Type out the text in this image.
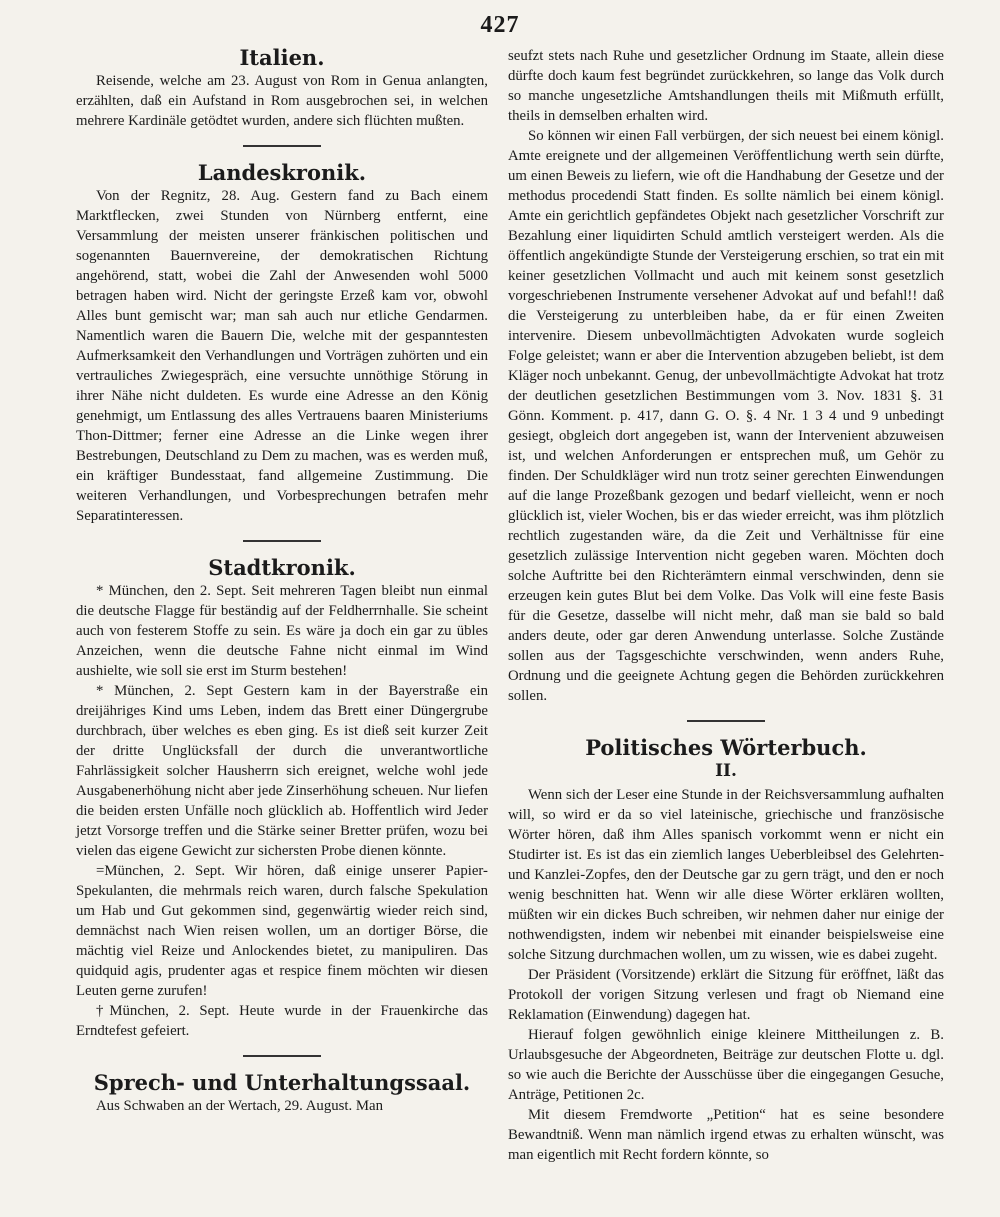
427
Italien.

Reisende, welche am 23. August von Rom in Genua anlangten, erzählten, daß ein Aufstand in Rom ausgebrochen sei, in welchen mehrere Kardinäle getödtet wurden, andere sich flüchten mußten.

Landeskronik.

Von der Regnitz, 28. Aug. Gestern fand zu Bach einem Marktflecken, zwei Stunden von Nürnberg entfernt, eine Versammlung der meisten unserer fränkischen politischen und sogenannten Bauernvereine, der demokratischen Richtung angehörend, statt, wobei die Zahl der Anwesenden wohl 5000 betragen haben wird. Nicht der geringste Erzeß kam vor, obwohl Alles bunt gemischt war; man sah auch nur etliche Gendarmen. Namentlich waren die Bauern Die, welche mit der gespanntesten Aufmerksamkeit den Verhandlungen und Vorträgen zuhörten und ein vertrauliches Zwiegespräch, eine versuchte unnöthige Störung in ihrer Nähe nicht duldeten. Es wurde eine Adresse an den König genehmigt, um Entlassung des alles Vertrauens baaren Ministeriums Thon-Dittmer; ferner eine Adresse an die Linke wegen ihrer Bestrebungen, Deutschland zu Dem zu machen, was es werden muß, ein kräftiger Bundesstaat, fand allgemeine Zustimmung. Die weiteren Verhandlungen, und Vorbesprechungen betrafen mehr Separatinteressen.

Stadtkronik.

* München, den 2. Sept. Seit mehreren Tagen bleibt nun einmal die deutsche Flagge für beständig auf der Feldherrnhalle. Sie scheint auch von festerem Stoffe zu sein. Es wäre ja doch ein gar zu übles Anzeichen, wenn die deutsche Fahne nicht einmal im Wind aushielte, wie soll sie erst im Sturm bestehen!

* München, 2. Sept Gestern kam in der Bayerstraße ein dreijähriges Kind ums Leben, indem das Brett einer Düngergrube durchbrach, über welches es eben ging. Es ist dieß seit kurzer Zeit der dritte Unglücksfall der durch die unverantwortliche Fahrlässigkeit solcher Hausherrn sich ereignet, welche wohl jede Ausgabenerhöhung nicht aber jede Zinserhöhung scheuen. Nur liefen die beiden ersten Unfälle noch glücklich ab. Hoffentlich wird Jeder jetzt Vorsorge treffen und die Stärke seiner Bretter prüfen, wozu bei vielen das eigene Gewicht zur sichersten Probe dienen könnte.

=München, 2. Sept. Wir hören, daß einige unserer Papier-Spekulanten, die mehrmals reich waren, durch falsche Spekulation um Hab und Gut gekommen sind, gegenwärtig wieder reich sind, demnächst nach Wien reisen wollen, um an dortiger Börse, die mächtig viel Reize und Anlockendes bietet, zu manipuliren. Das quidquid agis, prudenter agas et respice finem möchten wir diesen Leuten gerne zurufen!

†München, 2. Sept. Heute wurde in der Frauenkirche das Erndtefest gefeiert.

Sprech- und Unterhaltungssaal.

Aus Schwaben an der Wertach, 29. August. Man

seufzt stets nach Ruhe und gesetzlicher Ordnung im Staate, allein diese dürfte doch kaum fest begründet zurückkehren, so lange das Volk durch so manche ungesetzliche Amtshandlungen theils mit Mißmuth erfüllt, theils in demselben erhalten wird.

So können wir einen Fall verbürgen, der sich neuest bei einem königl. Amte ereignete und der allgemeinen Veröffentlichung werth sein dürfte, um einen Beweis zu liefern, wie oft die Handhabung der Gesetze und der methodus procedendi Statt finden. Es sollte nämlich bei einem königl. Amte ein gerichtlich gepfändetes Objekt nach gesetzlicher Vorschrift zur Bezahlung einer liquidirten Schuld amtlich versteigert werden. Als die öffentlich angekündigte Stunde der Versteigerung erschien, so trat ein mit keiner gesetzlichen Vollmacht und auch mit keinem sonst gesetzlich vorgeschriebenen Instrumente versehener Advokat auf und befahl!! daß die Versteigerung zu unterbleiben habe, da er für einen Zweiten intervenire. Diesem unbevollmächtigten Advokaten wurde sogleich Folge geleistet; wann er aber die Intervention abzugeben beliebt, ist dem Kläger noch unbekannt. Genug, der unbevollmächtigte Advokat hat trotz der deutlichen gesetzlichen Bestimmungen vom 3. Nov. 1831 §. 31 Gönn. Komment. p. 417, dann G. O. §. 4 Nr. 1 3 4 und 9 unbedingt gesiegt, obgleich dort angegeben ist, wann der Intervenient abzuweisen ist, und welchen Anforderungen er entsprechen muß, um Gehör zu finden. Der Schuldkläger wird nun trotz seiner gerechten Einwendungen auf die lange Prozeßbank gezogen und bedarf vielleicht, wenn er noch glücklich ist, vieler Wochen, bis er das wieder erreicht, was ihm plötzlich rechtlich zugestanden wäre, da die Zeit und Verhältnisse für eine gesetzlich zulässige Intervention nicht gegeben waren. Möchten doch solche Auftritte bei den Richterämtern einmal verschwinden, denn sie erzeugen kein gutes Blut bei dem Volke. Das Volk will eine feste Basis für die Gesetze, dasselbe will nicht mehr, daß man sie bald so bald anders deute, oder gar deren Anwendung unterlasse. Solche Zustände sollen aus der Tagsgeschichte verschwinden, wenn anders Ruhe, Ordnung und die geeignete Achtung gegen die Behörden zurückkehren sollen.

Politisches Wörterbuch.
II.

Wenn sich der Leser eine Stunde in der Reichsversammlung aufhalten will, so wird er da so viel lateinische, griechische und französische Wörter hören, daß ihm Alles spanisch vorkommt wenn er nicht ein Studirter ist. Es ist das ein ziemlich langes Ueberbleibsel des Gelehrten- und Kanzlei-Zopfes, den der Deutsche gar zu gern trägt, und den er noch wenig beschnitten hat. Wenn wir alle diese Wörter erklären wollten, müßten wir ein dickes Buch schreiben, wir nehmen daher nur einige der nothwendigsten, indem wir nebenbei mit einander beispielsweise eine solche Sitzung durchmachen wollen, um zu wissen, wie es dabei zugeht.

Der Präsident (Vorsitzende) erklärt die Sitzung für eröffnet, läßt das Protokoll der vorigen Sitzung verlesen und fragt ob Niemand eine Reklamation (Einwendung) dagegen hat.

Hierauf folgen gewöhnlich einige kleinere Mittheilungen z. B. Urlaubsgesuche der Abgeordneten, Beiträge zur deutschen Flotte u. dgl. so wie auch die Berichte der Ausschüsse über die eingegangen Gesuche, Anträge, Petitionen 2c.

Mit diesem Fremdworte „Petition“ hat es seine besondere Bewandtniß. Wenn man nämlich irgend etwas zu erhalten wünscht, was man eigentlich mit Recht fordern könnte, so
